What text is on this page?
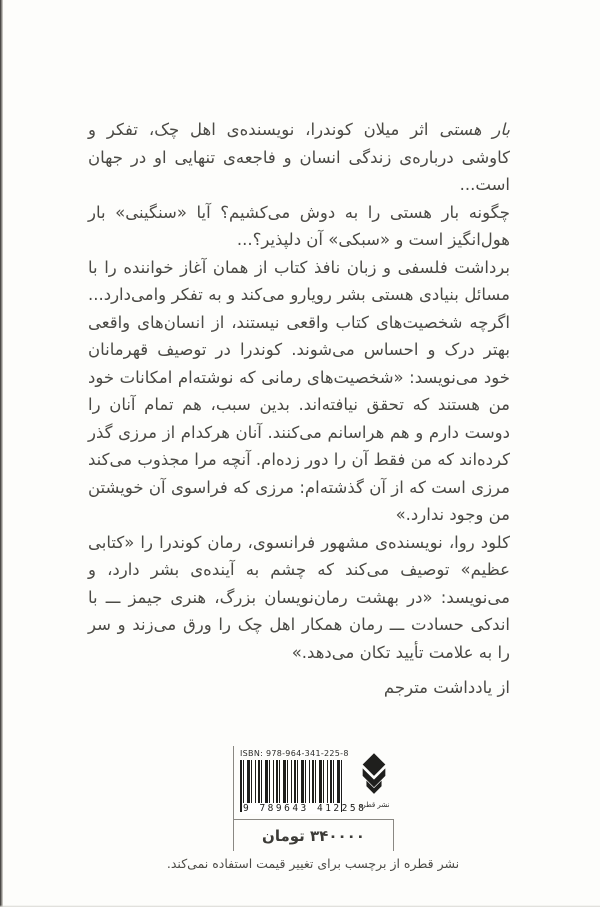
بار هستی اثر میلان کوندرا، نویسنده‌ی اهل چک، تفکر و کاوشی درباره‌ی زندگی انسان و فاجعه‌ی تنهایی او در جهان است...

چگونه بار هستی را به دوش می‌کشیم؟ آیا «سنگینی» بار هول‌انگیز است و «سبکی» آن دلپذیر؟...

برداشت فلسفی و زبان نافذ کتاب از همان آغاز خواننده را با مسائل بنیادی هستی بشر رویارو می‌کند و به تفکر وامی‌دارد... اگرچه شخصیت‌های کتاب واقعی نیستند، از انسان‌های واقعی بهتر درک و احساس می‌شوند. کوندرا در توصیف قهرمانان خود می‌نویسد: «شخصیت‌های رمانی که نوشته‌ام امکانات خود من هستند که تحقق نیافته‌اند. بدین سبب، هم تمام آنان را دوست دارم و هم هراسانم می‌کنند. آنان هرکدام از مرزی گذر کرده‌اند که من فقط آن را دور زده‌ام. آنچه مرا مجذوب می‌کند مرزی است که از آن گذشته‌ام: مرزی که فراسوی آن خویشتن من وجود ندارد.»

کلود روا، نویسنده‌ی مشهور فرانسوی، رمان کوندرا را «کتابی عظیم» توصیف می‌کند که چشم به آینده‌ی بشر دارد، و می‌نویسد: «در بهشت رمان‌نویسان بزرگ، هنری جیمز ـــ با اندکی حسادت ـــ رمان همکار اهل چک را ورق می‌زند و سر را به علامت تأیید تکان می‌دهد.»

از یادداشت مترجم

نشر قطره
ISBN: 978-964-341-225-8
9 789643 412258
۳۴۰۰۰۰ تومان
نشر قطره از برچسب برای تغییر قیمت استفاده نمی‌کند.
